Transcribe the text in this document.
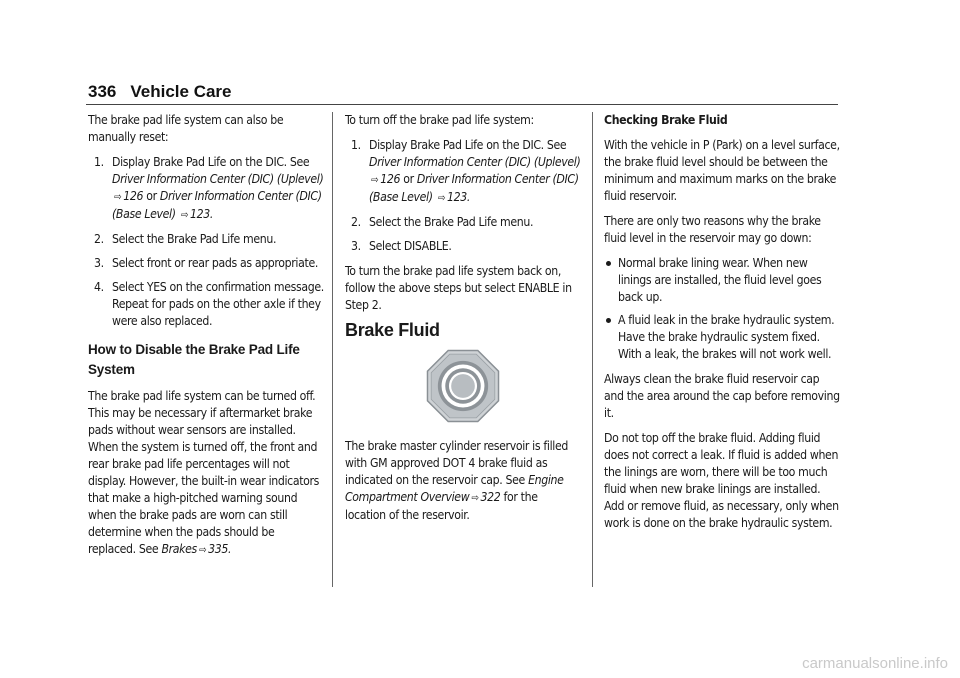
336 Vehicle Care

The brake pad life system can also be manually reset:

1. Display Brake Pad Life on the DIC. See Driver Information Center (DIC) (Uplevel) ⇨ 126 or Driver Information Center (DIC) (Base Level) ⇨ 123.
2. Select the Brake Pad Life menu.
3. Select front or rear pads as appropriate.
4. Select YES on the confirmation message. Repeat for pads on the other axle if they were also replaced.
How to Disable the Brake Pad Life System

The brake pad life system can be turned off. This may be necessary if aftermarket brake pads without wear sensors are installed. When the system is turned off, the front and rear brake pad life percentages will not display. However, the built-in wear indicators that make a high-pitched warning sound when the brake pads are worn can still determine when the pads should be replaced. See Brakes ⇨ 335.

To turn off the brake pad life system:

1. Display Brake Pad Life on the DIC. See Driver Information Center (DIC) (Uplevel) ⇨ 126 or Driver Information Center (DIC) (Base Level) ⇨ 123.
2. Select the Brake Pad Life menu.
3. Select DISABLE.

To turn the brake pad life system back on, follow the above steps but select ENABLE in Step 2.

Brake Fluid

The brake master cylinder reservoir is filled with GM approved DOT 4 brake fluid as indicated on the reservoir cap. See Engine Compartment Overview ⇨ 322 for the location of the reservoir.

Checking Brake Fluid

With the vehicle in P (Park) on a level surface, the brake fluid level should be between the minimum and maximum marks on the brake fluid reservoir.

There are only two reasons why the brake fluid level in the reservoir may go down:

Normal brake lining wear. When new linings are installed, the fluid level goes back up.
A fluid leak in the brake hydraulic system. Have the brake hydraulic system fixed. With a leak, the brakes will not work well.

Always clean the brake fluid reservoir cap and the area around the cap before removing it.

Do not top off the brake fluid. Adding fluid does not correct a leak. If fluid is added when the linings are worn, there will be too much fluid when new brake linings are installed. Add or remove fluid, as necessary, only when work is done on the brake hydraulic system.

carmanualsonline.info
